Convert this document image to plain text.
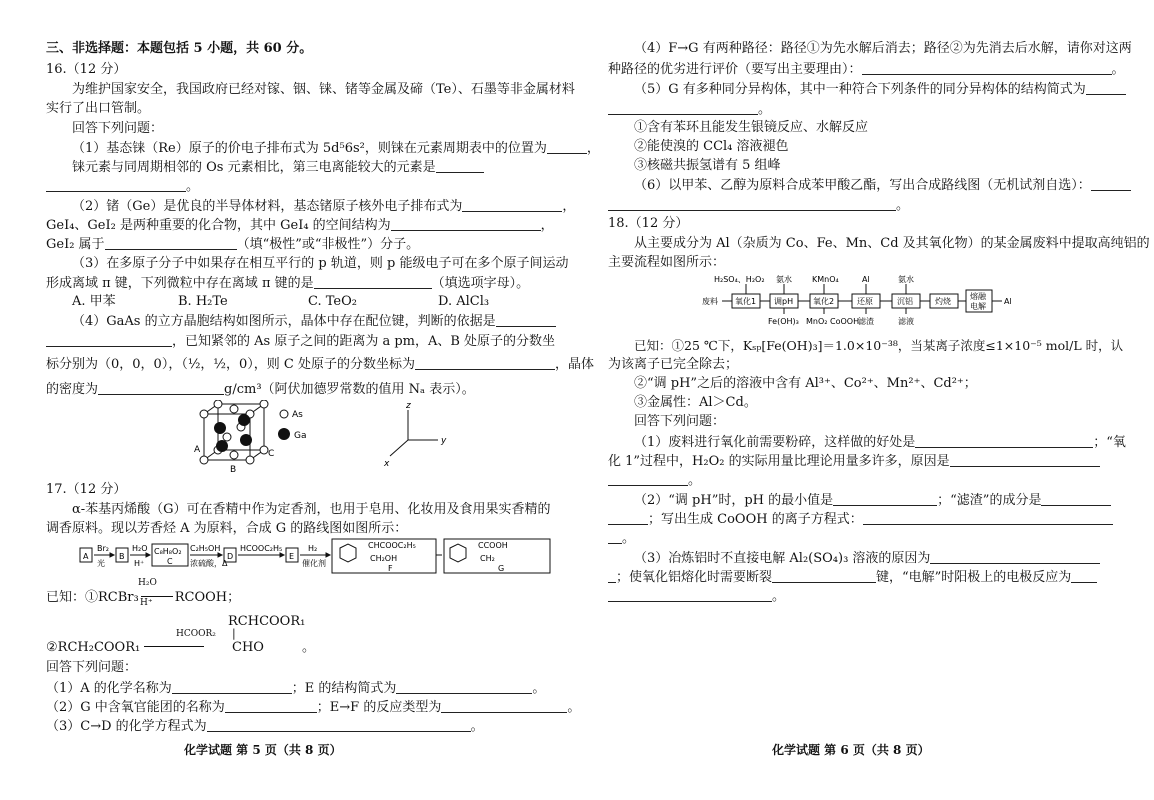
三、非选择题：本题包括 5 小题，共 60 分。
16.（12 分）
为维护国家安全，我国政府已经对镓、铟、铼、锗等金属及碲（Te）、石墨等非金属材料
实行了出口管制。
回答下列问题：
（1）基态铼（Re）原子的价电子排布式为 5d⁵6s²，则铼在元素周期表中的位置为	，
铼元素与同周期相邻的 Os 元素相比，第三电离能较大的元素是
。
（2）锗（Ge）是优良的半导体材料，基态锗原子核外电子排布式为	，
GeI₄、GeI₂ 是两种重要的化合物，其中 GeI₄ 的空间结构为	，
GeI₂ 属于	（填“极性”或“非极性”）分子。
（3）在多原子分子中如果存在相互平行的 p 轨道，则 p 能级电子可在多个原子间运动
形成离域 π 键，下列微粒中存在离域 π 键的是	（填选项字母）。
A. 甲苯	B. H₂Te	C. TeO₂	D. AlCl₃
（4）GaAs 的立方晶胞结构如图所示，晶体中存在配位键，判断的依据是
，已知紧邻的 As 原子之间的距离为 a pm，A、B 处原子的分数坐
标分别为（0，0，0），（½，½，0），则 C 处原子的分数坐标为	，晶体
的密度为	g/cm³（阿伏加德罗常数的值用 Nₐ 表示）。
A
B
C
As
Ga
z
y
x
17.（12 分）
α-苯基丙烯酸（G）可在香精中作为定香剂，也用于皂用、化妆用及食用果实香精的
调香原料。现以芳香烃 A 为原料，合成 G 的路线图如图所示：
A
Br₂
光
B
H₂O
H⁺
C₈H₈O₂
C
C₂H₅OH
浓硫酸，Δ
D
HCOOC₂H₅
E
H₂
催化剂
CHCOOC₂H₅
CH₂OH
F
CCOOH
CH₂
G
已知：①RCBr₃	RCOOH；
H₂O
H⁺
RCHCOOR₁
|
CHO
②RCH₂COOR₁
HCOOR₂
。
回答下列问题：
（1）A 的化学名称为	；E 的结构简式为	。
（2）G 中含氧官能团的名称为	；E→F 的反应类型为	。
（3）C→D 的化学方程式为	。
化学试题 第 5 页（共 8 页）
（4）F→G 有两种路径：路径①为先水解后消去；路径②为先消去后水解，请你对这两
种路径的优劣进行评价（要写出主要理由）：	。
（5）G 有多种同分异构体，其中一种符合下列条件的同分异构体的结构简式为
。
①含有苯环且能发生银镜反应、水解反应
②能使溴的 CCl₄ 溶液褪色
③核磁共振氢谱有 5 组峰
（6）以甲苯、乙醇为原料合成苯甲酸乙酯，写出合成路线图（无机试剂自选）：
。
18.（12 分）
从主要成分为 Al（杂质为 Co、Fe、Mn、Cd 及其氧化物）的某金属废料中提取高纯铝的
主要流程如图所示：
废料
H₂SO₄、H₂O₂
氧化1
氨水
调pH
Fe(OH)₃
KMnO₄
氧化2
MnO₂ CoOOH
Al
还原
滤渣
氨水
沉铝
滤液
灼烧
熔融
电解
Al
已知：①25 ℃下，Kₛₚ[Fe(OH)₃]＝1.0×10⁻³⁸，当某离子浓度≤1×10⁻⁵ mol/L 时，认
为该离子已完全除去；
②“调 pH”之后的溶液中含有 Al³⁺、Co²⁺、Mn²⁺、Cd²⁺；
③金属性：Al＞Cd。
回答下列问题：
（1）废料进行氧化前需要粉碎，这样做的好处是	；“氧
化 1”过程中，H₂O₂ 的实际用量比理论用量多许多，原因是
。
（2）“调 pH”时，pH 的最小值是	；“滤渣”的成分是
；写出生成 CoOOH 的离子方程式：
。
（3）冶炼铝时不直接电解 Al₂(SO₄)₃ 溶液的原因为
；使氧化铝熔化时需要断裂	键，“电解”时阳极上的电极反应为
。
化学试题 第 6 页（共 8 页）
